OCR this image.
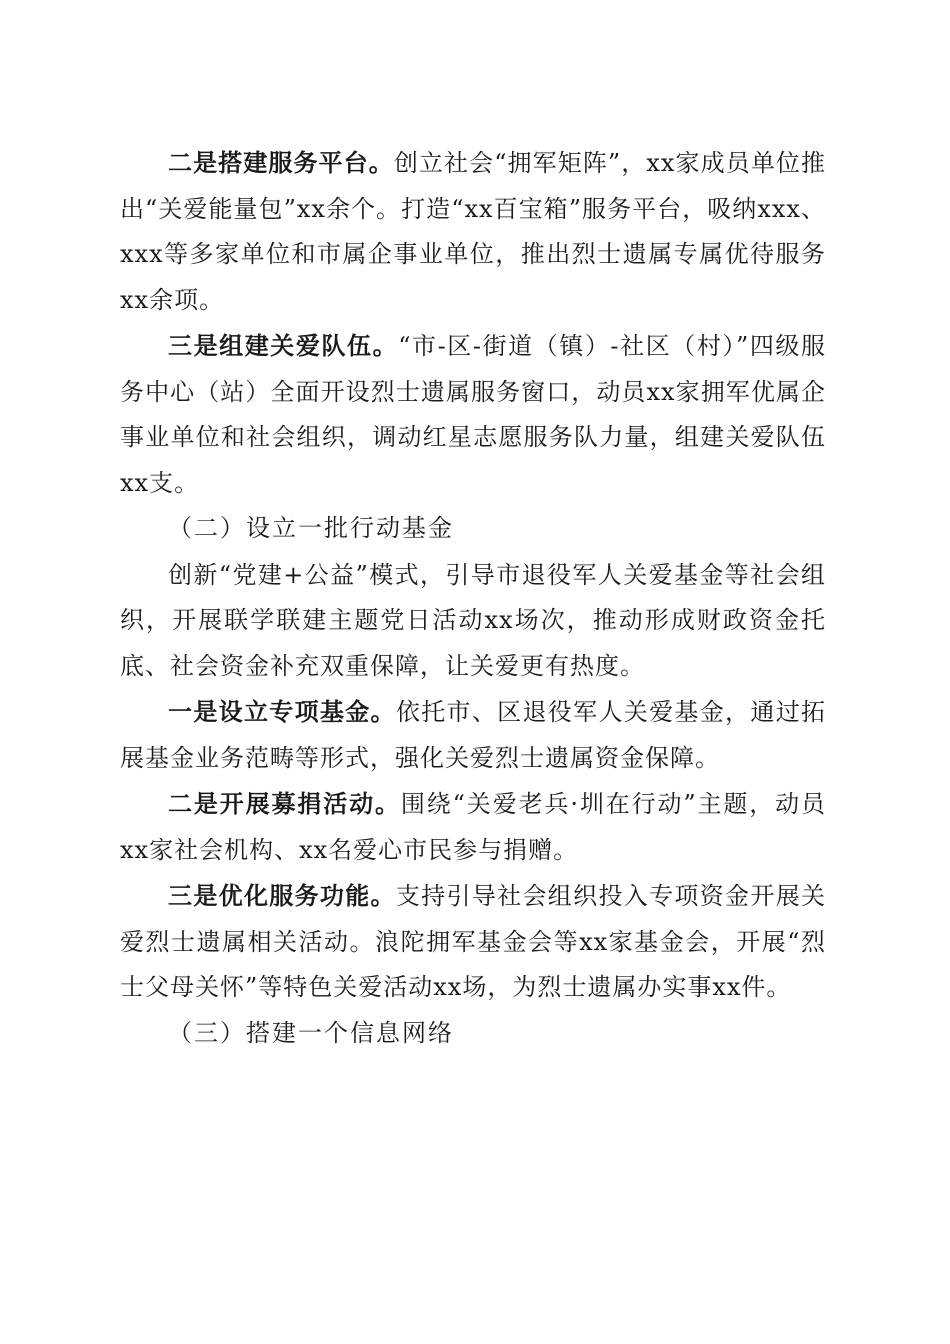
二是搭建服务平台。创立社会“拥军矩阵”，xx家成员单位推出“关爱能量包”xx余个。打造“xx百宝箱”服务平台，吸纳xxx、xxx等多家单位和市属企事业单位，推出烈士遗属专属优待服务xx余项。

三是组建关爱队伍。“市-区-街道（镇）-社区（村）”四级服务中心（站）全面开设烈士遗属服务窗口，动员xx家拥军优属企事业单位和社会组织，调动红星志愿服务队力量，组建关爱队伍xx支。

（二）设立一批行动基金

创新“党建+公益”模式，引导市退役军人关爱基金等社会组织，开展联学联建主题党日活动xx场次，推动形成财政资金托底、社会资金补充双重保障，让关爱更有热度。

一是设立专项基金。依托市、区退役军人关爱基金，通过拓展基金业务范畴等形式，强化关爱烈士遗属资金保障。

二是开展募捐活动。围绕“关爱老兵·圳在行动”主题，动员xx家社会机构、xx名爱心市民参与捐赠。

三是优化服务功能。支持引导社会组织投入专项资金开展关爱烈士遗属相关活动。浪陀拥军基金会等xx家基金会，开展“烈士父母关怀”等特色关爱活动xx场，为烈士遗属办实事xx件。

（三）搭建一个信息网络
